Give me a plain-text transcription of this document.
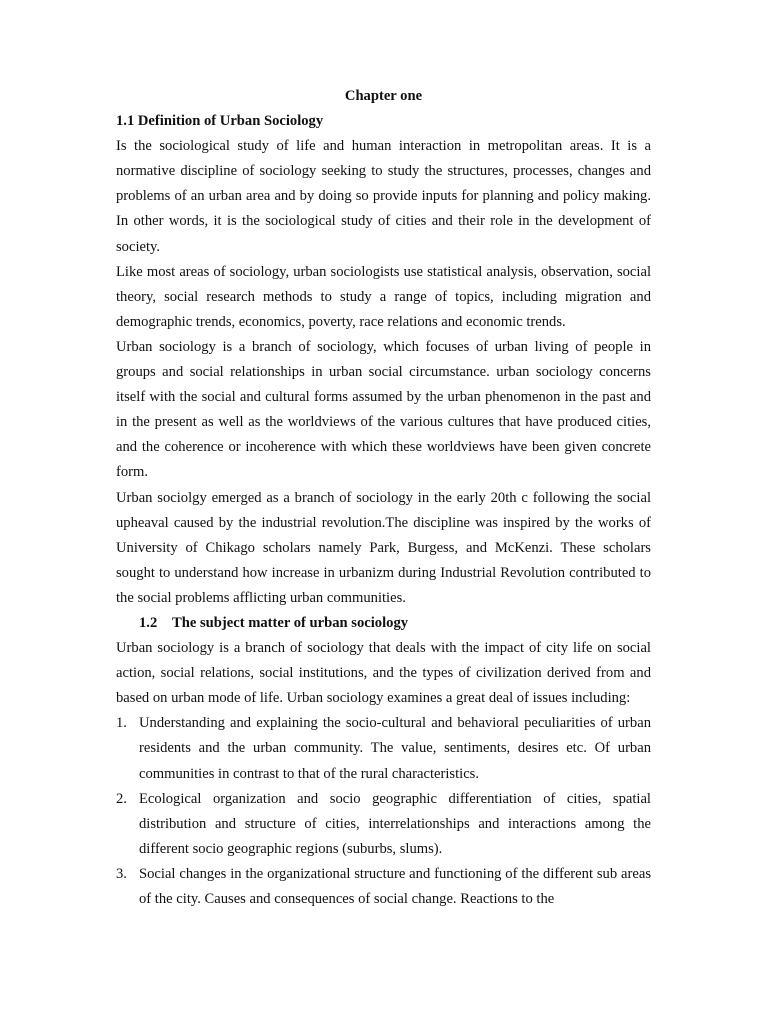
Chapter one

1.1 Definition of Urban Sociology

Is the sociological study of life and human interaction in metropolitan areas. It is a normative discipline of sociology seeking to study the structures, processes, changes and problems of an urban area and by doing so provide inputs for planning and policy making. In other words, it is the sociological study of cities and their role in the development of society.

Like most areas of sociology, urban sociologists use statistical analysis, observation, social theory, social research methods to study a range of topics, including migration and demographic trends, economics, poverty, race relations and economic trends.

Urban sociology is a branch of sociology, which focuses of urban living of people in groups and social relationships in urban social circumstance. urban sociology concerns itself with the social and cultural forms assumed by the urban phenomenon in the past and in the present as well as the worldviews of the various cultures that have produced cities, and the coherence or incoherence with which these worldviews have been given concrete form.

Urban sociolgy emerged as a branch of sociology in the early 20th c following the social upheaval caused by the industrial revolution.The discipline was inspired by the works of University of Chikago scholars namely Park, Burgess, and McKenzi. These scholars sought to understand how increase in urbanizm during Industrial Revolution contributed to the social problems afflicting urban communities.

1.2 The subject matter of urban sociology

Urban sociology is a branch of sociology that deals with the impact of city life on social action, social relations, social institutions, and the types of civilization derived from and based on urban mode of life. Urban sociology examines a great deal of issues including:

1. Understanding and explaining the socio-cultural and behavioral peculiarities of urban residents and the urban community. The value, sentiments, desires etc. Of urban communities in contrast to that of the rural characteristics.
2. Ecological organization and socio geographic differentiation of cities, spatial distribution and structure of cities, interrelationships and interactions among the different socio geographic regions (suburbs, slums).
3. Social changes in the organizational structure and functioning of the different sub areas of the city. Causes and consequences of social change. Reactions to the
